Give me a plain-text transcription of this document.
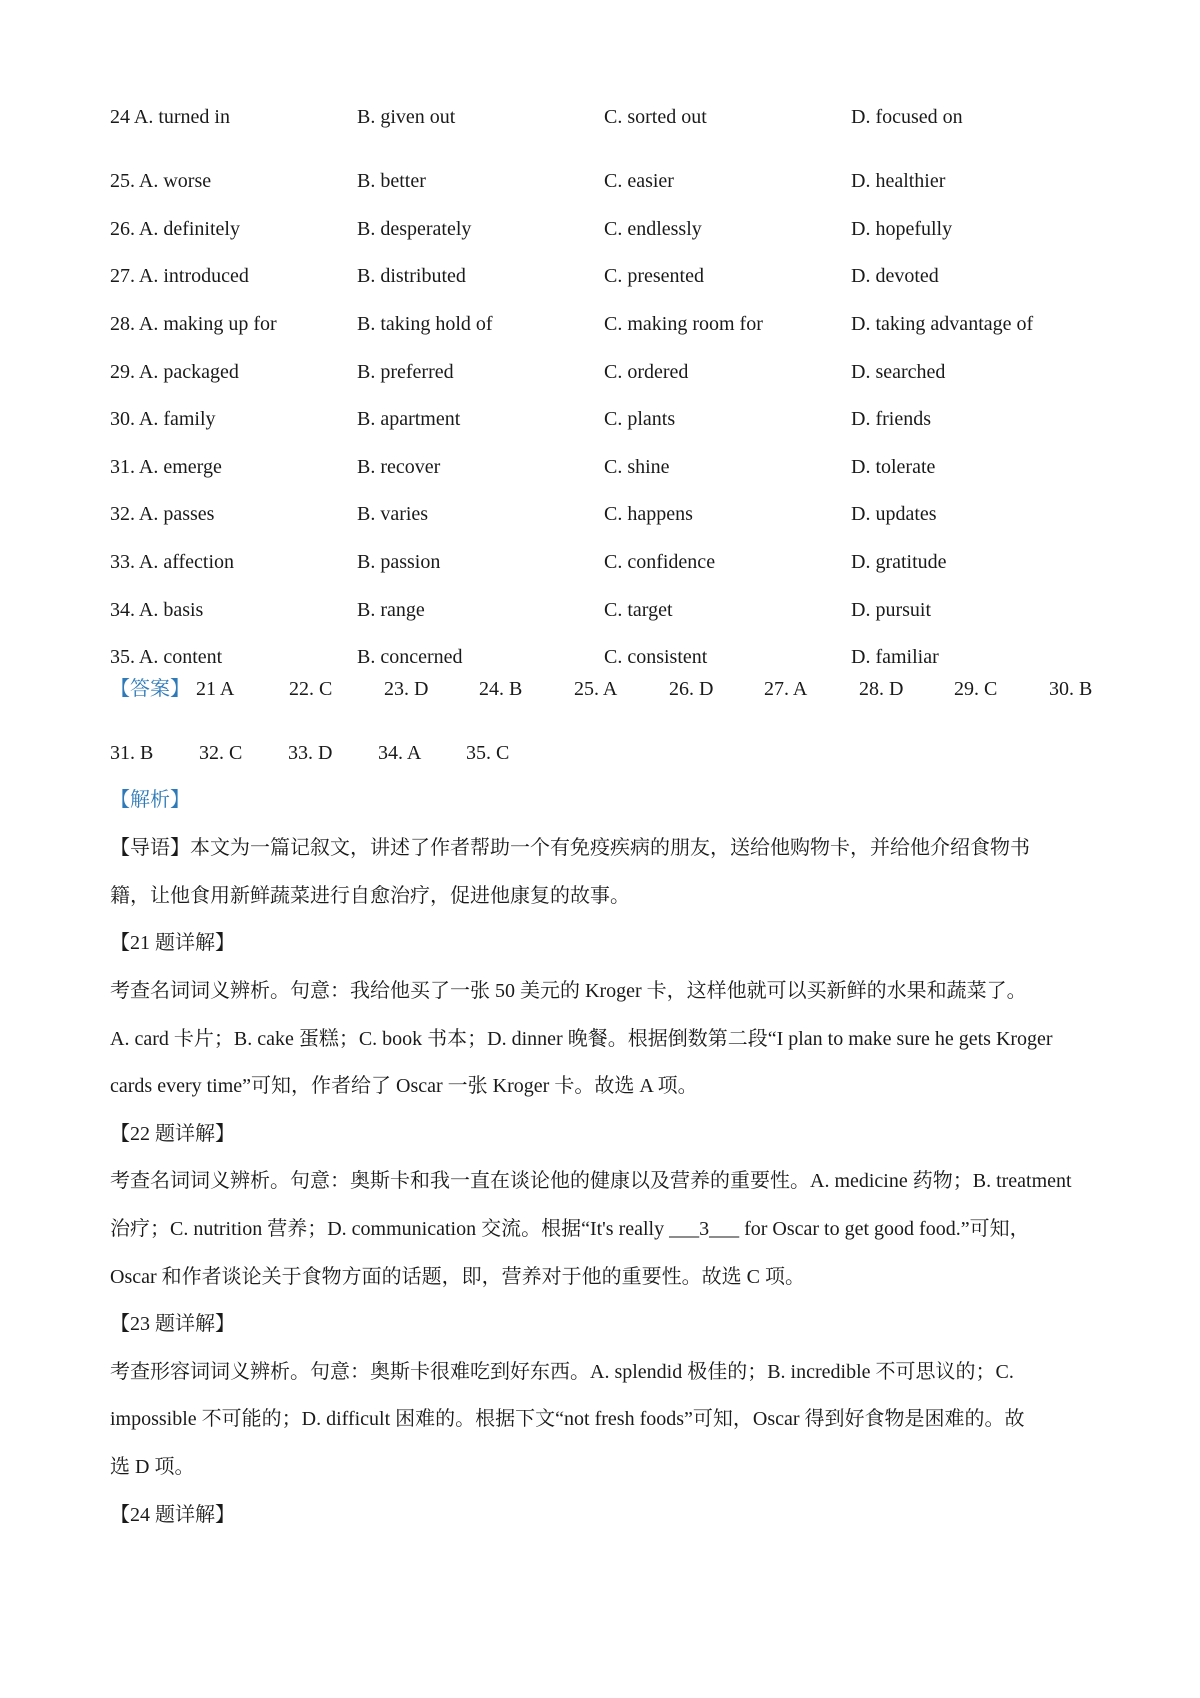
24 A. turned in	B. given out	C. sorted out	D. focused on
25. A. worse	B. better	C. easier	D. healthier
26. A. definitely	B. desperately	C. endlessly	D. hopefully
27. A. introduced	B. distributed	C. presented	D. devoted
28. A. making up for	B. taking hold of	C. making room for	D. taking advantage of
29. A. packaged	B. preferred	C. ordered	D. searched
30. A. family	B. apartment	C. plants	D. friends
31. A. emerge	B. recover	C. shine	D. tolerate
32. A. passes	B. varies	C. happens	D. updates
33. A. affection	B. passion	C. confidence	D. gratitude
34. A. basis	B. range	C. target	D. pursuit
35. A. content	B. concerned	C. consistent	D. familiar
【答案】 21 A	22. C	23. D	24. B	25. A	26. D	27. A	28. D	29. C	30. B
31. B 32. C 33. D 34. A 35. C
【解析】
【导语】本文为一篇记叙文，讲述了作者帮助一个有免疫疾病的朋友，送给他购物卡，并给他介绍食物书
籍，让他食用新鲜蔬菜进行自愈治疗，促进他康复的故事。
【21 题详解】
考查名词词义辨析。句意：我给他买了一张 50 美元的 Kroger 卡，这样他就可以买新鲜的水果和蔬菜了。
A. card 卡片；B. cake 蛋糕；C. book 书本；D. dinner 晚餐。根据倒数第二段“I plan to make sure he gets Kroger
cards every time”可知，作者给了 Oscar 一张 Kroger 卡。故选 A 项。
【22 题详解】
考查名词词义辨析。句意：奥斯卡和我一直在谈论他的健康以及营养的重要性。A. medicine 药物；B. treatment
治疗；C. nutrition 营养；D. communication 交流。根据“It's really ___3___ for Oscar to get good food.”可知，
Oscar 和作者谈论关于食物方面的话题，即，营养对于他的重要性。故选 C 项。
【23 题详解】
考查形容词词义辨析。句意：奥斯卡很难吃到好东西。A. splendid 极佳的；B. incredible 不可思议的；C.
impossible 不可能的；D. difficult 困难的。根据下文“not fresh foods”可知，Oscar 得到好食物是困难的。故
选 D 项。
【24 题详解】
